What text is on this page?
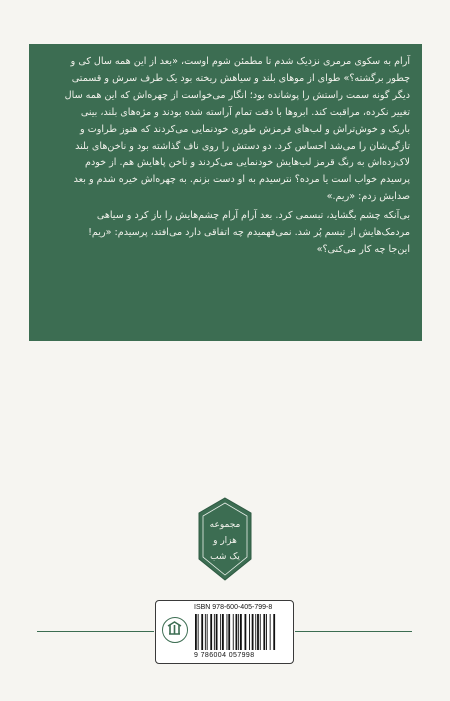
آرام به سکوی مرمری نزدیک شدم تا مطمئن شوم اوست، «بعد از این همه سال کی و

چطور برگشته؟» طوای از موهای بلند و سیاهش ریخته بود یک طرف سرش و قسمتی

دیگر گونه سمت راستش را پوشانده بود؛ انگار می‌خواست از چهره‌اش که این همه سال

تغییر نکرده، مراقبت کند. ابروها با دقت تمام آراسته شده بودند و مژه‌های بلند، بینی

باریک و خوش‌تراش و لب‌های قرمزش طوری خودنمایی می‌کردند که هنوز طراوت و

تازگی‌شان را می‌شد احساس کرد. دو دستش را روی ناف گذاشته بود و ناخن‌های بلند

لاک‌زده‌اش به رنگ قرمز لب‌هایش خودنمایی می‌کردند و ناخن پاهایش هم. از خودم

پرسیدم خواب است یا مرده؟ نترسیدم به او دست بزنم. به چهره‌اش خیره شدم و بعد

صدایش زدم: «ریم.»

بی‌آنکه چشم بگشاید، تبسمی کرد. بعد آرام آرام چشم‌هایش را باز کرد و سیاهی

مردمک‌هایش از تبسم پُر شد. نمی‌فهمیدم چه اتفاقی دارد می‌افتد، پرسیدم: «ریم!

این‌جا چه کار می‌کنی؟»

مجموعه
هزار و
یک شب
ISBN 978-600-405-799-8
9 786004 057998
